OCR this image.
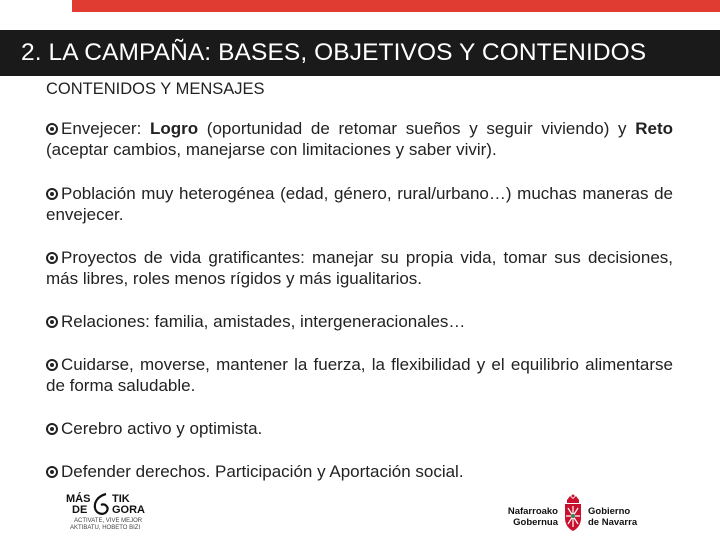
2. LA CAMPAÑA: BASES, OBJETIVOS Y CONTENIDOS
CONTENIDOS Y MENSAJES
Envejecer: Logro (oportunidad de retomar sueños y seguir viviendo) y Reto (aceptar cambios, manejarse con limitaciones y saber vivir).
Población muy heterogénea (edad, género, rural/urbano…) muchas maneras de envejecer.
Proyectos de vida gratificantes: manejar su propia vida, tomar sus decisiones, más libres, roles menos rígidos y más igualitarios.
Relaciones: familia, amistades, intergeneracionales…
Cuidarse, moverse, mantener la fuerza, la flexibilidad y el equilibrio alimentarse de forma saludable.
Cerebro activo y optimista.
Defender derechos. Participación y Aportación social.
MÁS TIK
DE GORA
ACTIVATE, VIVE MEJOR
AKTIBATU, HOBETO BIZI
Nafarroako
Gobernua
Gobierno
de Navarra
